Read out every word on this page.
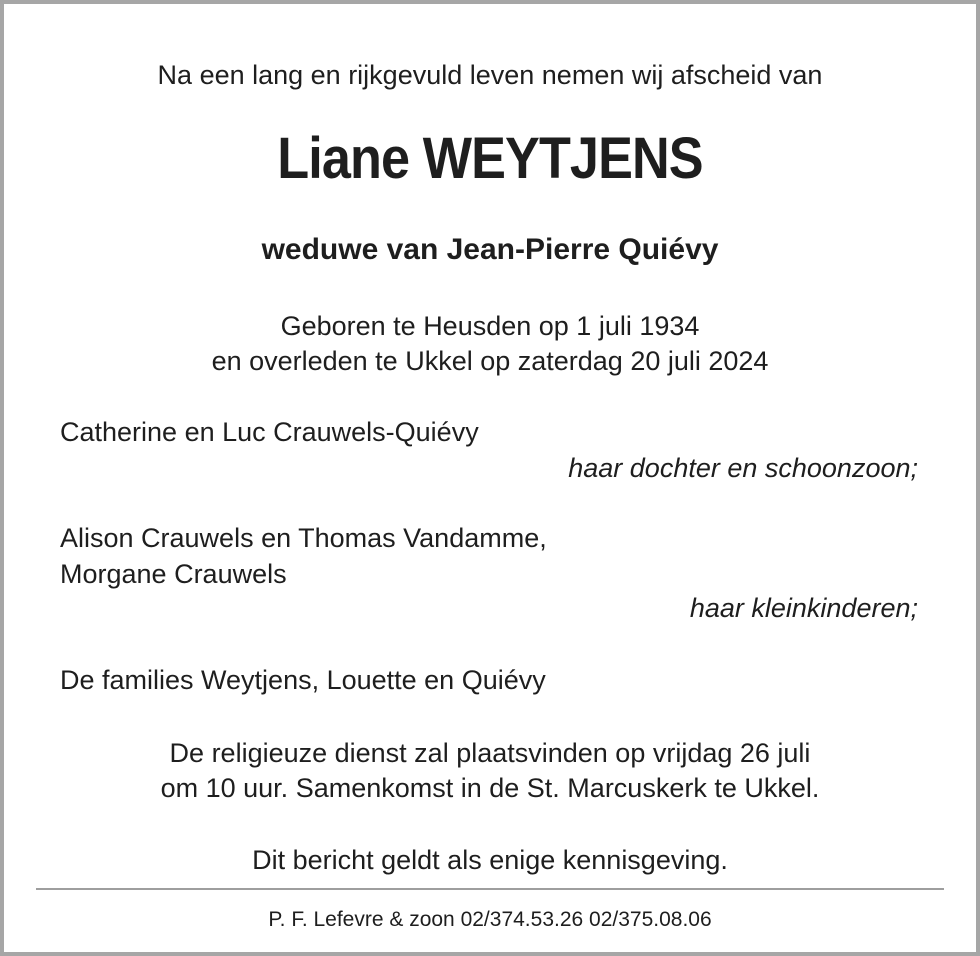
Na een lang en rijkgevuld leven nemen wij afscheid van
Liane WEYTJENS
weduwe van Jean-Pierre Quiévy
Geboren te Heusden op 1 juli 1934
en overleden te Ukkel op zaterdag 20 juli 2024
Catherine en Luc Crauwels-Quiévy
haar dochter en schoonzoon;
Alison Crauwels en Thomas Vandamme,
Morgane Crauwels
haar kleinkinderen;
De families Weytjens, Louette en Quiévy
De religieuze dienst zal plaatsvinden op vrijdag 26 juli
om 10 uur. Samenkomst in de St. Marcuskerk te Ukkel.
Dit bericht geldt als enige kennisgeving.
P. F. Lefevre & zoon 02/374.53.26 02/375.08.06
